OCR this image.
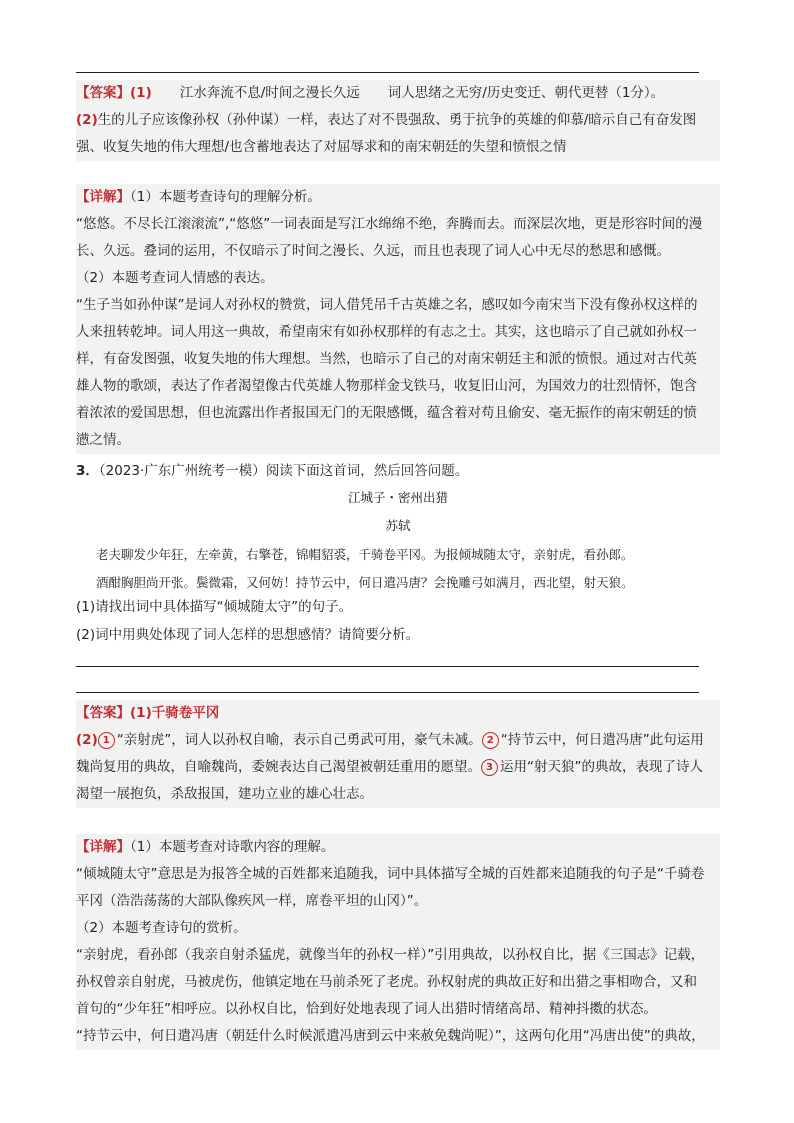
【答案】(1) 江水奔流不息/时间之漫长久远 词人思绪之无穷/历史变迁、朝代更替（1分）。
(2)生的儿子应该像孙权（孙仲谋）一样，表达了对不畏强敌、勇于抗争的英雄的仰慕/暗示自己有奋发图
强、收复失地的伟大理想/也含蓄地表达了对屈辱求和的南宋朝廷的失望和愤恨之情
【详解】（1）本题考查诗句的理解分析。
“悠悠。不尽长江滚滚流”,“悠悠”一词表面是写江水绵绵不绝，奔腾而去。而深层次地，更是形容时间的漫
长、久远。叠词的运用，不仅暗示了时间之漫长、久远，而且也表现了词人心中无尽的愁思和感慨。
（2）本题考查词人情感的表达。
“生子当如孙仲谋”是词人对孙权的赞赏，词人借凭吊千古英雄之名，感叹如今南宋当下没有像孙权这样的
人来扭转乾坤。词人用这一典故，希望南宋有如孙权那样的有志之士。其实，这也暗示了自己就如孙权一
样，有奋发图强，收复失地的伟大理想。当然，也暗示了自己的对南宋朝廷主和派的愤恨。通过对古代英
雄人物的歌颂，表达了作者渴望像古代英雄人物那样金戈铁马，收复旧山河，为国效力的壮烈情怀，饱含
着浓浓的爱国思想，但也流露出作者报国无门的无限感慨，蕴含着对苟且偷安、毫无振作的南宋朝廷的愤
懑之情。
3．（2023·广东广州统考一模）阅读下面这首词，然后回答问题。
江城子・密州出猎
苏轼
老夫聊发少年狂，左牵黄，右擎苍，锦帽貂裘，千骑卷平冈。为报倾城随太守，亲射虎，看孙郎。
酒酣胸胆尚开张。鬓微霜，又何妨！持节云中，何日遣冯唐？会挽雕弓如满月，西北望，射天狼。
(1)请找出词中具体描写“倾城随太守”的句子。
(2)词中用典处体现了词人怎样的思想感情？请简要分析。
【答案】(1)千骑卷平冈
(2) 1 “亲射虎”，词人以孙权自喻，表示自己勇武可用，豪气未减。 2 “持节云中，何日遣冯唐”此句运用
魏尚复用的典故，自喻魏尚，委婉表达自己渴望被朝廷重用的愿望。 3 运用“射天狼”的典故，表现了诗人
渴望一展抱负，杀敌报国，建功立业的雄心壮志。
【详解】（1）本题考查对诗歌内容的理解。
“倾城随太守”意思是为报答全城的百姓都来追随我，词中具体描写全城的百姓都来追随我的句子是“千骑卷
平冈（浩浩荡荡的大部队像疾风一样，席卷平坦的山冈）”。
（2）本题考查诗句的赏析。
“亲射虎，看孙郎（我亲自射杀猛虎，就像当年的孙权一样）”引用典故，以孙权自比，据《三国志》记载，
孙权曾亲自射虎，马被虎伤，他镇定地在马前杀死了老虎。孙权射虎的典故正好和出猎之事相吻合，又和
首句的“少年狂”相呼应。以孙权自比，恰到好处地表现了词人出猎时情绪高昂、精神抖擞的状态。
“持节云中，何日遣冯唐（朝廷什么时候派遣冯唐到云中来赦免魏尚呢）”，这两句化用“冯唐出使”的典故，
